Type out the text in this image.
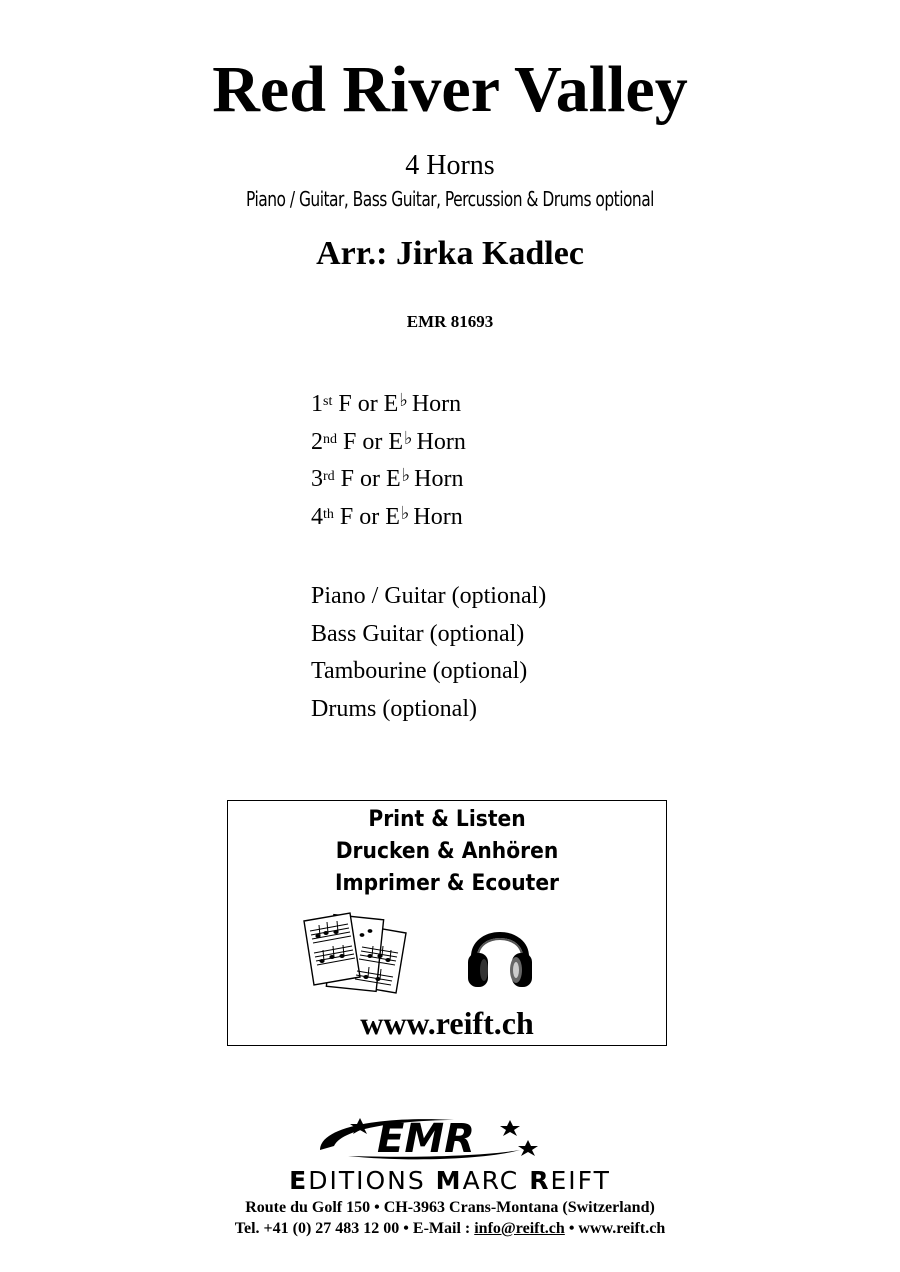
Red River Valley
4 Horns
Piano / Guitar, Bass Guitar, Percussion & Drums optional
Arr.: Jirka Kadlec
EMR 81693
1st F or E♭ Horn
2nd F or E♭ Horn
3rd F or E♭ Horn
4th F or E♭ Horn
Piano / Guitar (optional)
Bass Guitar (optional)
Tambourine (optional)
Drums (optional)
Print & Listen
Drucken & Anhören
Imprimer & Ecouter
www.reift.ch
EMR
EDITIONS MARC REIFT
Route du Golf 150 • CH-3963 Crans-Montana (Switzerland)
Tel. +41 (0) 27 483 12 00 • E-Mail : info@reift.ch • www.reift.ch
